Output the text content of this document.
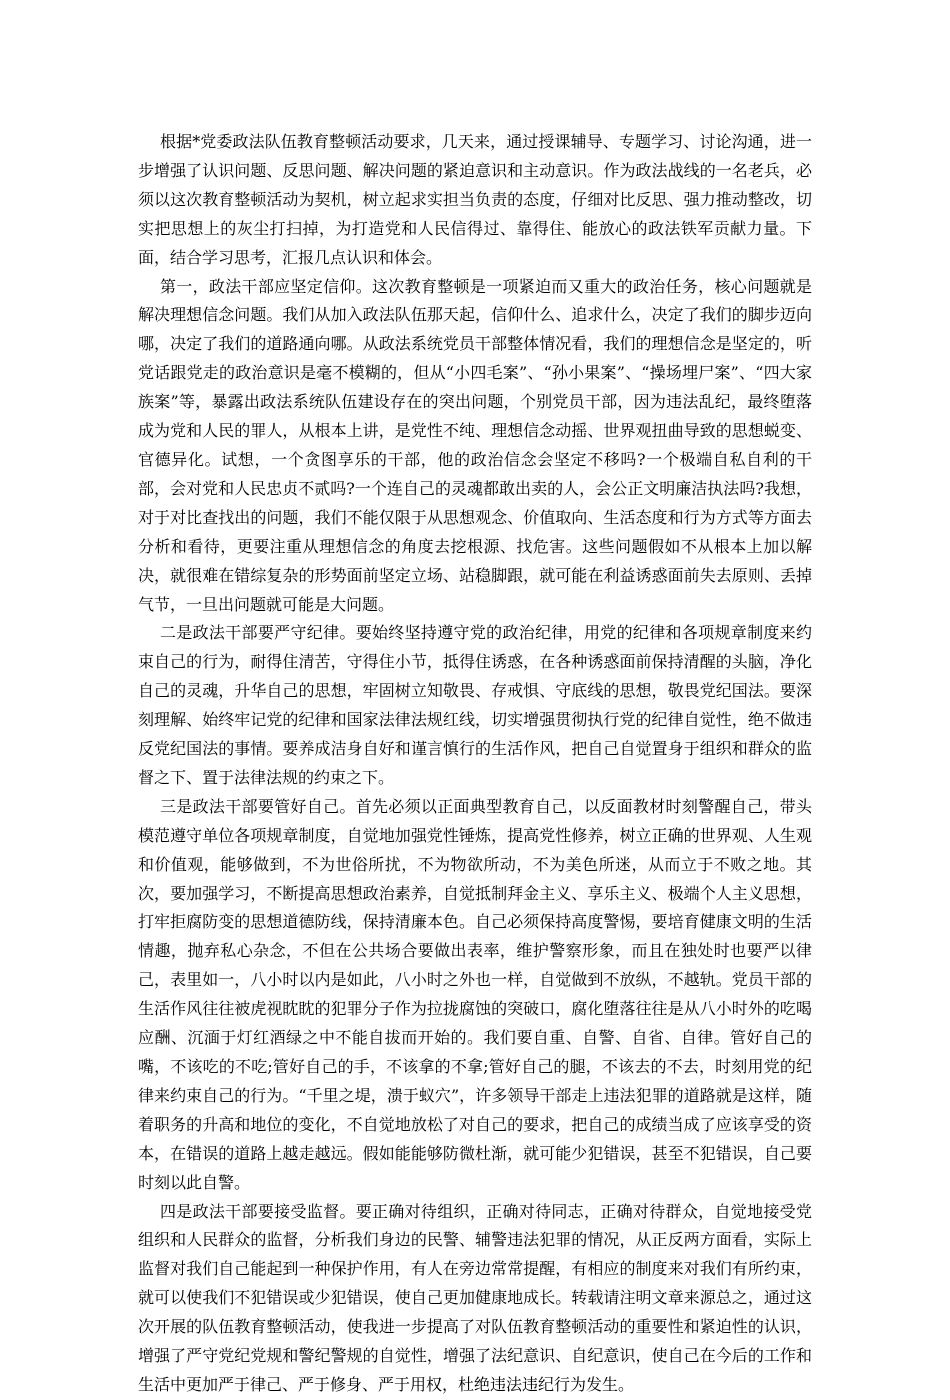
根据*党委政法队伍教育整顿活动要求，几天来，通过授课辅导、专题学习、讨论沟通，进一步增强了认识问题、反思问题、解决问题的紧迫意识和主动意识。作为政法战线的一名老兵，必须以这次教育整顿活动为契机，树立起求实担当负责的态度，仔细对比反思、强力推动整改，切实把思想上的灰尘打扫掉，为打造党和人民信得过、靠得住、能放心的政法铁军贡献力量。下面，结合学习思考，汇报几点认识和体会。

第一，政法干部应坚定信仰。这次教育整顿是一项紧迫而又重大的政治任务，核心问题就是解决理想信念问题。我们从加入政法队伍那天起，信仰什么、追求什么，决定了我们的脚步迈向哪，决定了我们的道路通向哪。从政法系统党员干部整体情况看，我们的理想信念是坚定的，听党话跟党走的政治意识是毫不模糊的，但从“小四毛案”、“孙小果案”、“操场埋尸案”、“四大家族案”等，暴露出政法系统队伍建设存在的突出问题，个别党员干部，因为违法乱纪，最终堕落成为党和人民的罪人，从根本上讲，是党性不纯、理想信念动摇、世界观扭曲导致的思想蜕变、官德异化。试想，一个贪图享乐的干部，他的政治信念会坚定不移吗?一个极端自私自利的干部，会对党和人民忠贞不贰吗?一个连自己的灵魂都敢出卖的人，会公正文明廉洁执法吗?我想，对于对比查找出的问题，我们不能仅限于从思想观念、价值取向、生活态度和行为方式等方面去分析和看待，更要注重从理想信念的角度去挖根源、找危害。这些问题假如不从根本上加以解决，就很难在错综复杂的形势面前坚定立场、站稳脚跟，就可能在利益诱惑面前失去原则、丢掉气节，一旦出问题就可能是大问题。

二是政法干部要严守纪律。要始终坚持遵守党的政治纪律，用党的纪律和各项规章制度来约束自己的行为，耐得住清苦，守得住小节，抵得住诱惑，在各种诱惑面前保持清醒的头脑，净化自己的灵魂，升华自己的思想，牢固树立知敬畏、存戒惧、守底线的思想，敬畏党纪国法。要深刻理解、始终牢记党的纪律和国家法律法规红线，切实增强贯彻执行党的纪律自觉性，绝不做违反党纪国法的事情。要养成洁身自好和谨言慎行的生活作风，把自己自觉置身于组织和群众的监督之下、置于法律法规的约束之下。

三是政法干部要管好自己。首先必须以正面典型教育自己，以反面教材时刻警醒自己，带头模范遵守单位各项规章制度，自觉地加强党性锤炼，提高党性修养，树立正确的世界观、人生观和价值观，能够做到，不为世俗所扰，不为物欲所动，不为美色所迷，从而立于不败之地。其次，要加强学习，不断提高思想政治素养，自觉抵制拜金主义、享乐主义、极端个人主义思想，打牢拒腐防变的思想道德防线，保持清廉本色。自己必须保持高度警惕，要培育健康文明的生活情趣，抛弃私心杂念，不但在公共场合要做出表率，维护警察形象，而且在独处时也要严以律己，表里如一，八小时以内是如此，八小时之外也一样，自觉做到不放纵，不越轨。党员干部的生活作风往往被虎视眈眈的犯罪分子作为拉拢腐蚀的突破口，腐化堕落往往是从八小时外的吃喝应酬、沉湎于灯红酒绿之中不能自拔而开始的。我们要自重、自警、自省、自律。管好自己的嘴，不该吃的不吃;管好自己的手，不该拿的不拿;管好自己的腿，不该去的不去，时刻用党的纪律来约束自己的行为。“千里之堤，溃于蚁穴”，许多领导干部走上违法犯罪的道路就是这样，随着职务的升高和地位的变化，不自觉地放松了对自己的要求，把自己的成绩当成了应该享受的资本，在错误的道路上越走越远。假如能能够防微杜渐，就可能少犯错误，甚至不犯错误，自己要时刻以此自警。

四是政法干部要接受监督。要正确对待组织，正确对待同志，正确对待群众，自觉地接受党组织和人民群众的监督，分析我们身边的民警、辅警违法犯罪的情况，从正反两方面看，实际上监督对我们自己能起到一种保护作用，有人在旁边常常提醒，有相应的制度来对我们有所约束，就可以使我们不犯错误或少犯错误，使自己更加健康地成长。转载请注明文章来源总之，通过这次开展的队伍教育整顿活动，使我进一步提高了对队伍教育整顿活动的重要性和紧迫性的认识，增强了严守党纪党规和警纪警规的自觉性，增强了法纪意识、自纪意识，使自己在今后的工作和生活中更加严于律己、严于修身、严于用权，杜绝违法违纪行为发生。
